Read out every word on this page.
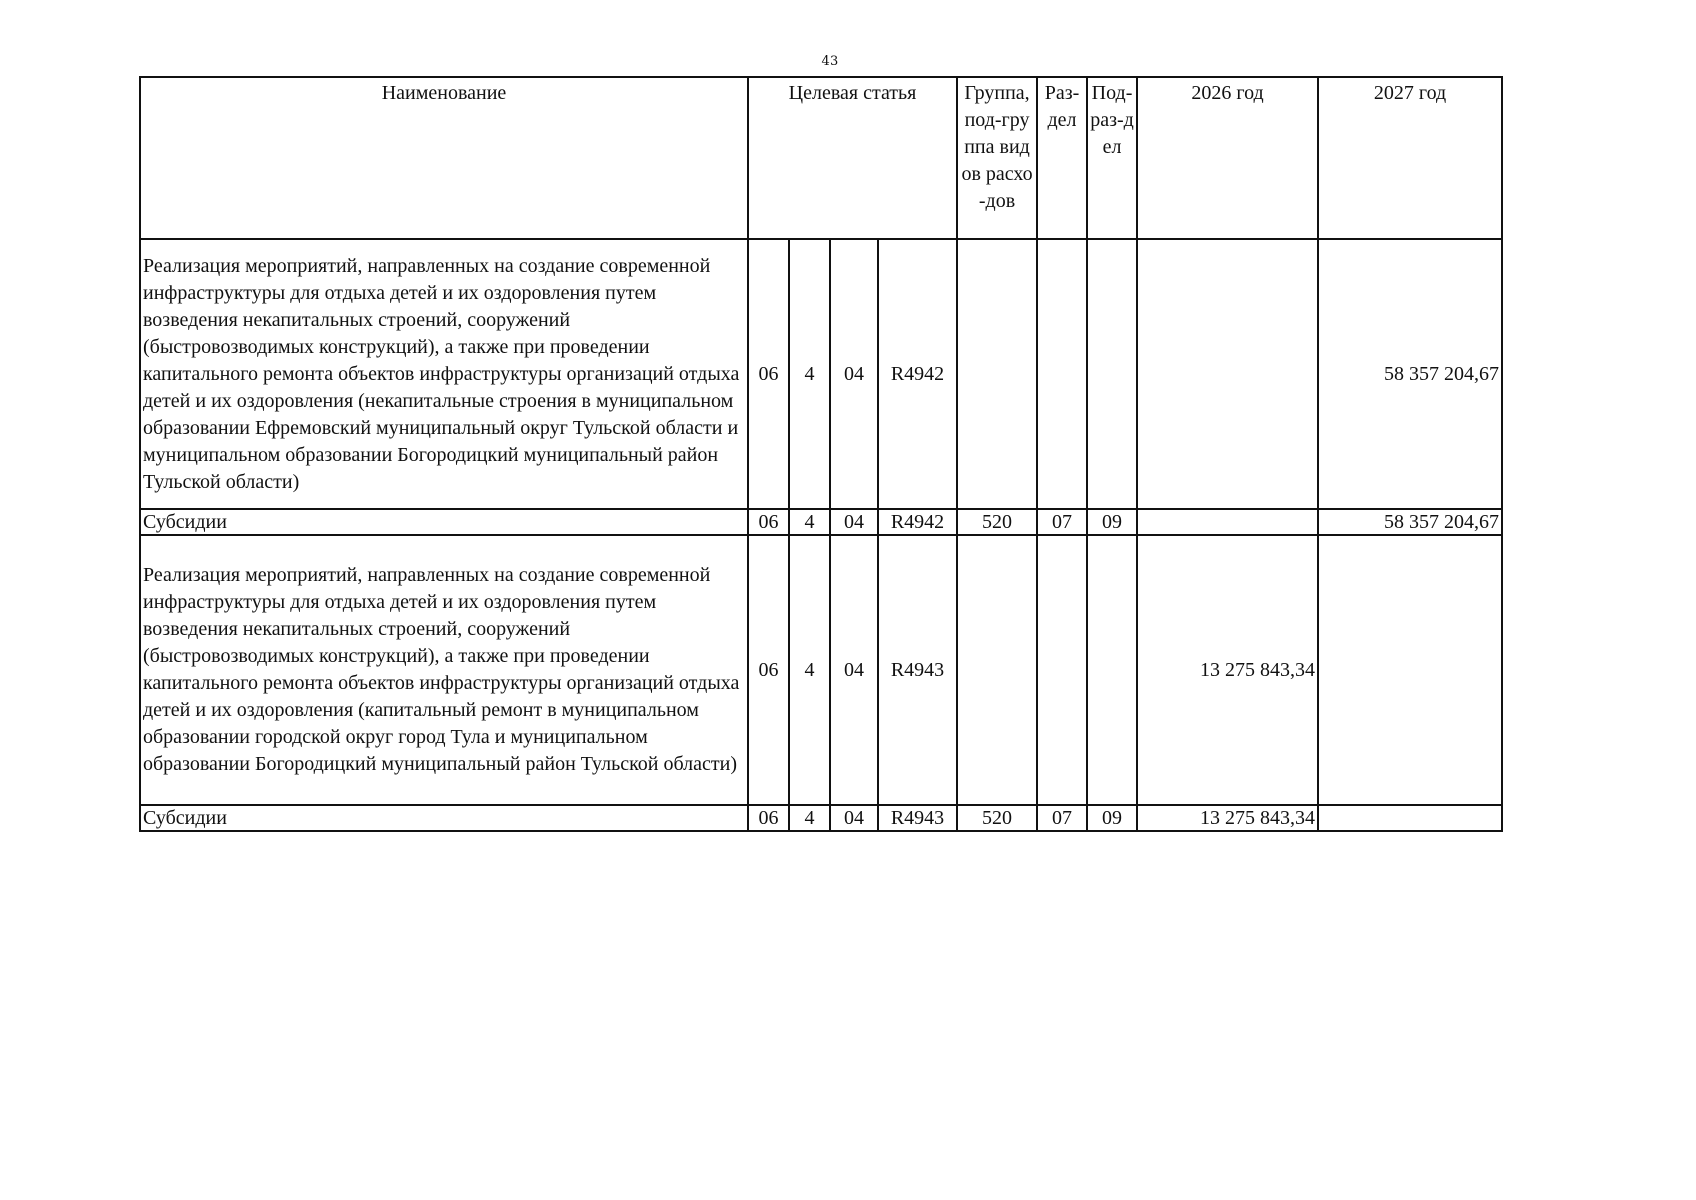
43
Наименование	Целевая статья				Группа, под-группа видов расхо-дов	Раз-дел	Под-раз-дел	2026 год	2027 год
Реализация мероприятий, направленных на создание современной инфраструктуры для отдыха детей и их оздоровления путем возведения некапитальных строений, сооружений (быстровозводимых конструкций), а также при проведении капитального ремонта объектов инфраструктуры организаций отдыха детей и их оздоровления (некапитальные строения в муниципальном образовании Ефремовский муниципальный округ Тульской области и муниципальном образовании Богородицкий муниципальный район Тульской области)	06	4	04	R4942					58 357 204,67
Субсидии	06	4	04	R4942	520	07	09		58 357 204,67
Реализация мероприятий, направленных на создание современной инфраструктуры для отдыха детей и их оздоровления путем возведения некапитальных строений, сооружений (быстровозводимых конструкций), а также при проведении капитального ремонта объектов инфраструктуры организаций отдыха детей и их оздоровления (капитальный ремонт в муниципальном образовании городской округ город Тула и муниципальном образовании Богородицкий муниципальный район Тульской области)	06	4	04	R4943				13 275 843,34	
Субсидии	06	4	04	R4943	520	07	09	13 275 843,34	
